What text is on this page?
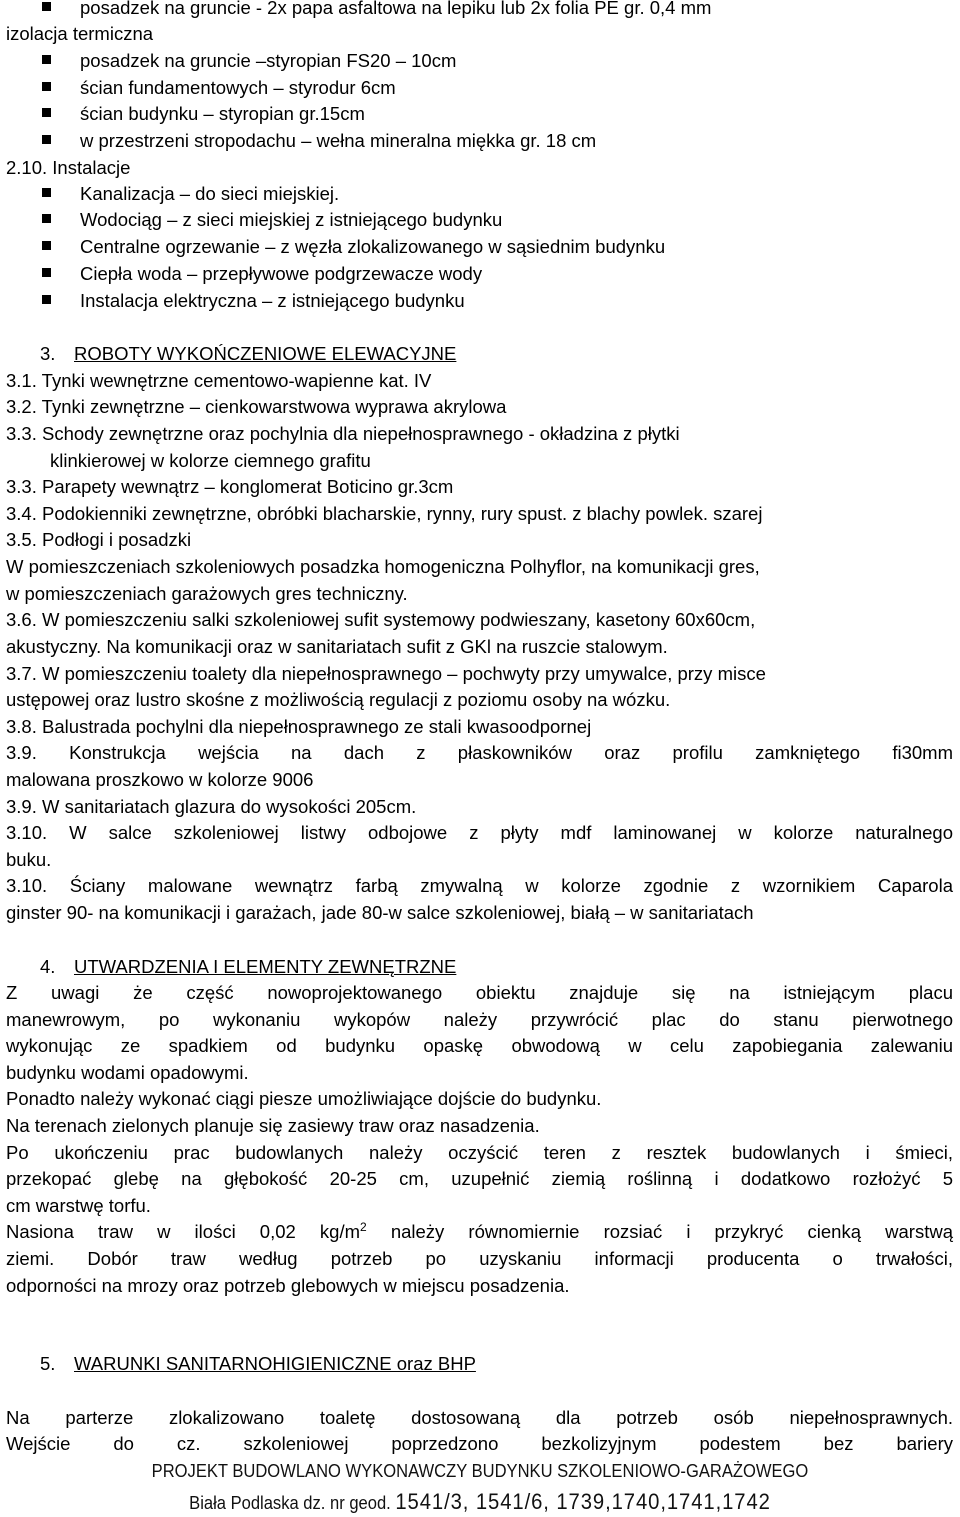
posadzek na gruncie - 2x papa asfaltowa na lepiku lub 2x folia PE gr. 0,4 mm
izolacja termiczna
posadzek na gruncie –styropian FS20 – 10cm
ścian fundamentowych – styrodur 6cm
ścian budynku – styropian gr.15cm
w przestrzeni stropodachu – wełna mineralna miękka gr. 18 cm
2.10. Instalacje
Kanalizacja – do sieci miejskiej.
Wodociąg – z sieci miejskiej z istniejącego budynku
Centralne ogrzewanie – z węzła zlokalizowanego w sąsiednim budynku
Ciepła woda – przepływowe podgrzewacze wody
Instalacja elektryczna – z istniejącego budynku
3. ROBOTY WYKOŃCZENIOWE ELEWACYJNE
3.1. Tynki wewnętrzne cementowo-wapienne kat. IV
3.2. Tynki zewnętrzne – cienkowarstwowa wyprawa akrylowa
3.3. Schody zewnętrzne oraz pochylnia dla niepełnosprawnego - okładzina z płytki
klinkierowej w kolorze ciemnego grafitu
3.3. Parapety wewnątrz – konglomerat Boticino gr.3cm
3.4. Podokienniki zewnętrzne, obróbki blacharskie, rynny, rury spust. z blachy powlek. szarej
3.5. Podłogi i posadzki
W pomieszczeniach szkoleniowych posadzka homogeniczna Polhyflor, na komunikacji gres,
w pomieszczeniach garażowych gres techniczny.
3.6. W pomieszczeniu salki szkoleniowej sufit systemowy podwieszany, kasetony 60x60cm,
akustyczny. Na komunikacji oraz w sanitariatach sufit z GKl na ruszcie stalowym.
3.7. W pomieszczeniu toalety dla niepełnosprawnego – pochwyty przy umywalce, przy misce
ustępowej oraz lustro skośne z możliwością regulacji z poziomu osoby na wózku.
3.8. Balustrada pochylni dla niepełnosprawnego ze stali kwasoodpornej
3.9. Konstrukcja wejścia na dach z płaskowników oraz profilu zamkniętego fi30mm
malowana proszkowo w kolorze 9006
3.9. W sanitariatach glazura do wysokości 205cm.
3.10. W salce szkoleniowej listwy odbojowe z płyty mdf laminowanej w kolorze naturalnego
buku.
3.10. Ściany malowane wewnątrz farbą zmywalną w kolorze zgodnie z wzornikiem Caparola
ginster 90- na komunikacji i garażach, jade 80-w salce szkoleniowej, białą – w sanitariatach
4. UTWARDZENIA I ELEMENTY ZEWNĘTRZNE
Z uwagi że część nowoprojektowanego obiektu znajduje się na istniejącym placu
manewrowym, po wykonaniu wykopów należy przywrócić plac do stanu pierwotnego
wykonując ze spadkiem od budynku opaskę obwodową w celu zapobiegania zalewaniu
budynku wodami opadowymi.
Ponadto należy wykonać ciągi piesze umożliwiające dojście do budynku.
Na terenach zielonych planuje się zasiewy traw oraz nasadzenia.
Po ukończeniu prac budowlanych należy oczyścić teren z resztek budowlanych i śmieci,
przekopać glebę na głębokość 20-25 cm, uzupełnić ziemią roślinną i dodatkowo rozłożyć 5
cm warstwę torfu.
Nasiona traw w ilości 0,02 $kg/m^2$ należy równomiernie rozsiać i przykryć cienką warstwą
ziemi. Dobór traw według potrzeb po uzyskaniu informacji producenta o trwałości,
odporności na mrozy oraz potrzeb glebowych w miejscu posadzenia.
5. WARUNKI SANITARNOHIGIENICZNE oraz BHP
Na parterze zlokalizowano toaletę dostosowaną dla potrzeb osób niepełnosprawnych.
Wejście do cz. szkoleniowej poprzedzono bezkolizyjnym podestem bez bariery
PROJEKT BUDOWLANO WYKONAWCZY BUDYNKU SZKOLENIOWO-GARAŻOWEGO
Biała Podlaska dz. nr geod. 1541/3, 1541/6, 1739,1740,1741,1742
